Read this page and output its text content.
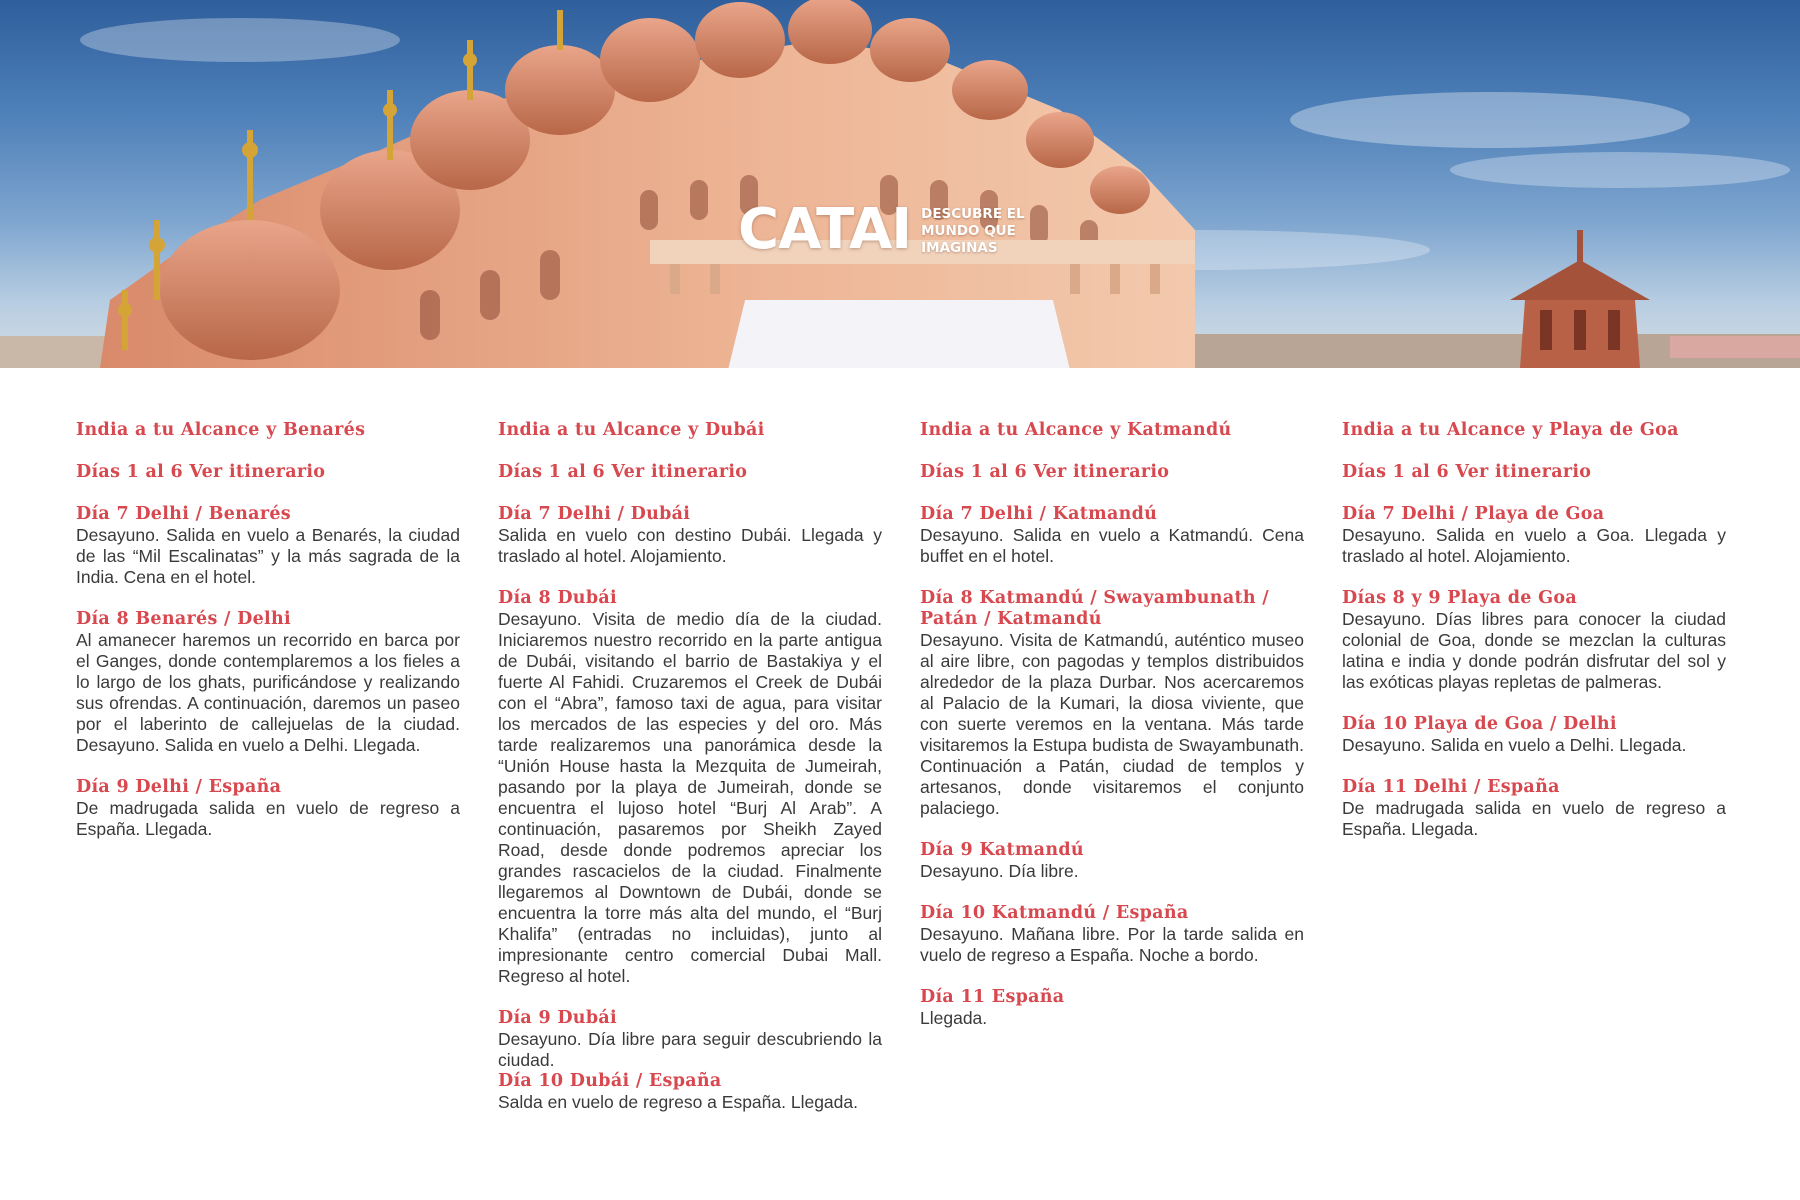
CATAI DESCUBRE EL MUNDO QUE IMAGINAS
India a tu Alcance y Benarés
Días 1 al 6 Ver itinerario
Día 7 Delhi / Benarés
Desayuno. Salida en vuelo a Benarés, la ciudad de las “Mil Escalinatas” y la más sagrada de la India. Cena en el hotel.
Día 8 Benarés / Delhi
Al amanecer haremos un recorrido en barca por el Ganges, donde contemplaremos a los fieles a lo largo de los ghats, purificándose y realizando sus ofrendas. A continuación, daremos un paseo por el laberinto de callejuelas de la ciudad. Desayuno. Salida en vuelo a Delhi. Llegada.
Día 9 Delhi / España
De madrugada salida en vuelo de regreso a España. Llegada.
India a tu Alcance y Dubái
Días 1 al 6 Ver itinerario
Día 7 Delhi / Dubái
Salida en vuelo con destino Dubái. Llegada y traslado al hotel. Alojamiento.
Día 8 Dubái
Desayuno. Visita de medio día de la ciudad. Iniciaremos nuestro recorrido en la parte antigua de Dubái, visitando el barrio de Bastakiya y el fuerte Al Fahidi. Cruzaremos el Creek de Dubái con el “Abra”, famoso taxi de agua, para visitar los mercados de las especies y del oro. Más tarde realizaremos una panorámica desde la “Unión House hasta la Mezquita de Jumeirah, pasando por la playa de Jumeirah, donde se encuentra el lujoso hotel “Burj Al Arab”. A continuación, pasaremos por Sheikh Zayed Road, desde donde podremos apreciar los grandes rascacielos de la ciudad. Finalmente llegaremos al Downtown de Dubái, donde se encuentra la torre más alta del mundo, el “Burj Khalifa” (entradas no incluidas), junto al impresionante centro comercial Dubai Mall. Regreso al hotel.
Día 9 Dubái
Desayuno. Día libre para seguir descubriendo la ciudad.
Día 10 Dubái / España
Salda en vuelo de regreso a España. Llegada.
India a tu Alcance y Katmandú
Días 1 al 6 Ver itinerario
Día 7 Delhi / Katmandú
Desayuno. Salida en vuelo a Katmandú. Cena buffet en el hotel.
Día 8 Katmandú / Swayambunath / Patán / Katmandú
Desayuno. Visita de Katmandú, auténtico museo al aire libre, con pagodas y templos distribuidos alrededor de la plaza Durbar. Nos acercaremos al Palacio de la Kumari, la diosa viviente, que con suerte veremos en la ventana. Más tarde visitaremos la Estupa budista de Swayambunath. Continuación a Patán, ciudad de templos y artesanos, donde visitaremos el conjunto palaciego.
Día 9 Katmandú
Desayuno. Día libre.
Día 10 Katmandú / España
Desayuno. Mañana libre. Por la tarde salida en vuelo de regreso a España. Noche a bordo.
Día 11 España
Llegada.
India a tu Alcance y Playa de Goa
Días 1 al 6 Ver itinerario
Día 7 Delhi / Playa de Goa
Desayuno. Salida en vuelo a Goa. Llegada y traslado al hotel. Alojamiento.
Días 8 y 9 Playa de Goa
Desayuno. Días libres para conocer la ciudad colonial de Goa, donde se mezclan la culturas latina e india y donde podrán disfrutar del sol y las exóticas playas repletas de palmeras.
Día 10 Playa de Goa / Delhi
Desayuno. Salida en vuelo a Delhi. Llegada.
Día 11 Delhi / España
De madrugada salida en vuelo de regreso a España. Llegada.
